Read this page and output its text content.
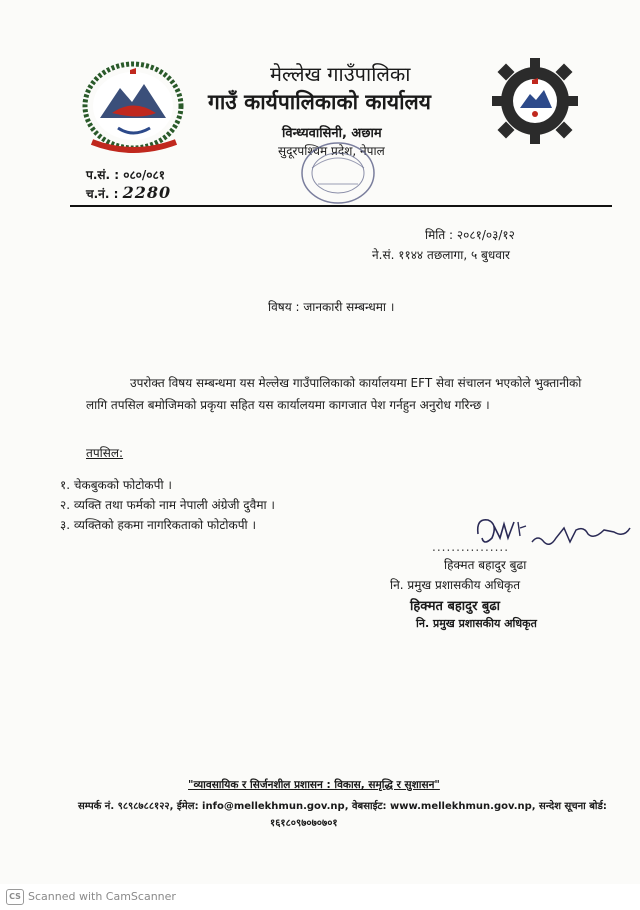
मेल्लेख गाउँपालिका
गाउँ कार्यपालिकाको कार्यालय
विन्ध्यवासिनी, अछाम
सुदूरपश्चिम प्रदेश, नेपाल
प.सं. : ०८०/०८१
च.नं. : 2280
मिति : २०८१/०३/१२
ने.सं. ११४४ तछलागा, ५ बुधवार
विषय : जानकारी सम्बन्धमा ।
उपरोक्त विषय सम्बन्धमा यस मेल्लेख गाउँपालिकाको कार्यालयमा EFT सेवा संचालन भएकोले भुक्तानीको लागि तपसिल बमोजिमको प्रकृया सहित यस कार्यालयमा कागजात पेश गर्नहुन अनुरोध गरिन्छ ।
तपसिल:
१. चेकबुकको फोटोकपी ।
२. व्यक्ति तथा फर्मको नाम नेपाली अंग्रेजी दुवैमा ।
३. व्यक्तिको हकमा नागरिकताको फोटोकपी ।
................
हिक्मत बहादुर बुढा
नि. प्रमुख प्रशासकीय अधिकृत
हिक्मत बहादुर बुढा
नि. प्रमुख प्रशासकीय अधिकृत
"व्यावसायिक र सिर्जनशील प्रशासन : विकास, समृद्धि र सुशासन"
सम्पर्क नं. ९८९८७८८१२२, ईमेल: info@mellekhmun.gov.np, वेबसाईट: www.mellekhmun.gov.np, सन्देश सूचना बोर्ड:
१६१८०९७०७०७०१
CS Scanned with CamScanner
